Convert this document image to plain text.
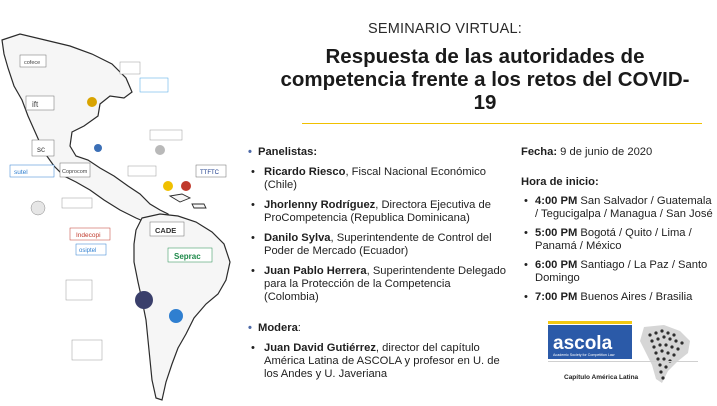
cofece
ift
sc
sutel	Coprocom
Indecopi
osiptel
Seprac
CADE
TTFTC
SEMINARIO VIRTUAL:
Respuesta de las autoridades de
competencia frente a los retos del COVID-19
• Panelistas:
• Ricardo Riesco, Fiscal Nacional Económico (Chile)
• Jhorlenny Rodríguez, Directora Ejecutiva de ProCompetencia (Republica Dominicana)
• Danilo Sylva, Superintendente de Control del Poder de Mercado (Ecuador)
• Juan Pablo Herrera, Superintendente Delegado para la Protección de la Competencia (Colombia)
• Modera:
• Juan David Gutiérrez, director del capítulo América Latina de ASCOLA y profesor en U. de los Andes y U. Javeriana
Fecha: 9 de junio de 2020
Hora de inicio:
• 4:00 PM San Salvador / Guatemala / Tegucigalpa / Managua / San José
• 5:00 PM Bogotá / Quito / Lima / Panamá / México
• 6:00 PM Santiago / La Paz / Santo Domingo
• 7:00 PM Buenos Aires / Brasilia
ascola
Academic Society for Competition Law
Capítulo América Latina
